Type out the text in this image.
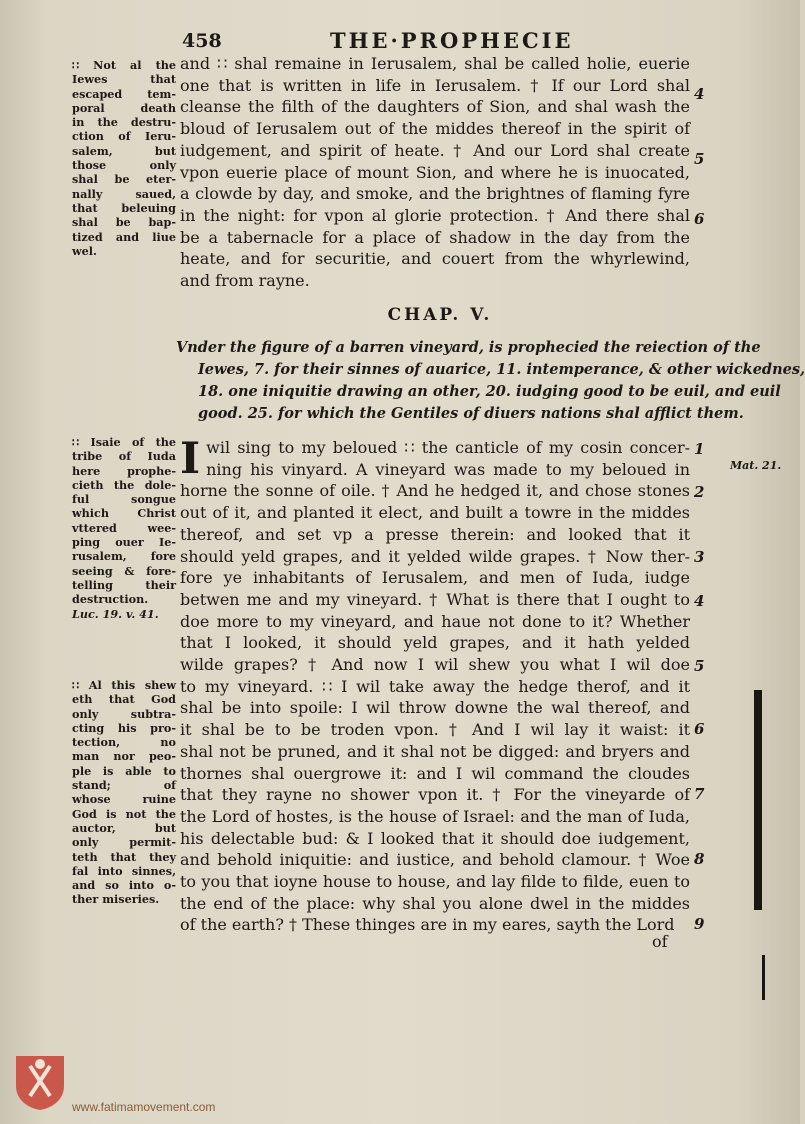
458	THE·PROPHECIE
∷ Not al the
Iewes that
escaped tem-
poral death
in the destru-
ction of Ieru-
salem, but
those only
shal be eter-
nally saued,
that beleuing
shal be bap-
tized and liue
wel.
and ∷ shal remaine in Ierusalem, shal be called holie, euerie
one that is written in life in Ierusalem. † If our Lord shal
cleanse the filth of the daughters of Sion, and shal wash the
bloud of Ierusalem out of the middes thereof in the spirit of
iudgement, and spirit of heate. † And our Lord shal create
vpon euerie place of mount Sion, and where he is inuocated,
a clowde by day, and smoke, and the brightnes of flaming fyre
in the night: for vpon al glorie protection. † And there shal
be a tabernacle for a place of shadow in the day from the
heate, and for securitie, and couert from the whyrlewind,
and from rayne.
4
5
6
CHAP. V.
Vnder the figure of a barren vineyard, is prophecied the reiection of the
Iewes, 7. for their sinnes of auarice, 11. intemperance, & other wickednes,
18. one iniquitie drawing an other, 20. iudging good to be euil, and euil
good. 25. for which the Gentiles of diuers nations shal afflict them.
∷ Isaie of the
tribe of Iuda
here prophe-
cieth the dole-
ful songue
which Christ
vttered wee-
ping ouer Ie-
rusalem, fore
seeing & fore-
telling their
destruction.
Luc. 19. v. 41.
∷ Al this shew
eth that God
only subtra-
cting his pro-
tection, no
man nor peo-
ple is able to
stand; of
whose ruine
God is not the
auctor, but
only permit-
teth that they
fal into sinnes,
and so into o-
ther miseries.
I wil sing to my beloued ∷ the canticle of my cosin concer-
ning his vinyard. A vineyard was made to my beloued in
horne the sonne of oile. † And he hedged it, and chose stones
out of it, and planted it elect, and built a towre in the middes
thereof, and set vp a presse therein: and looked that it
should yeld grapes, and it yelded wilde grapes. † Now ther-
fore ye inhabitants of Ierusalem, and men of Iuda, iudge
betwen me and my vineyard. † What is there that I ought to
doe more to my vineyard, and haue not done to it? Whether
that I looked, it should yeld grapes, and it hath yelded
wilde grapes? † And now I wil shew you what I wil doe
to my vineyard. ∷ I wil take away the hedge therof, and it
shal be into spoile: I wil throw downe the wal thereof, and
it shal be to be troden vpon. † And I wil lay it waist: it
shal not be pruned, and it shal not be digged: and bryers and
thornes shal ouergrowe it: and I wil command the cloudes
that they rayne no shower vpon it. † For the vineyarde of
the Lord of hostes, is the house of Israel: and the man of Iuda,
his delectable bud: & I looked that it should doe iudgement,
and behold iniquitie: and iustice, and behold clamour. † Woe
to you that ioyne house to house, and lay filde to filde, euen to
the end of the place: why shal you alone dwel in the middes
of the earth? † These thinges are in my eares, sayth the Lord
Mat. 21.
1
2
3
4
5
6
7
8
9
of
www.fatimamovement.com
